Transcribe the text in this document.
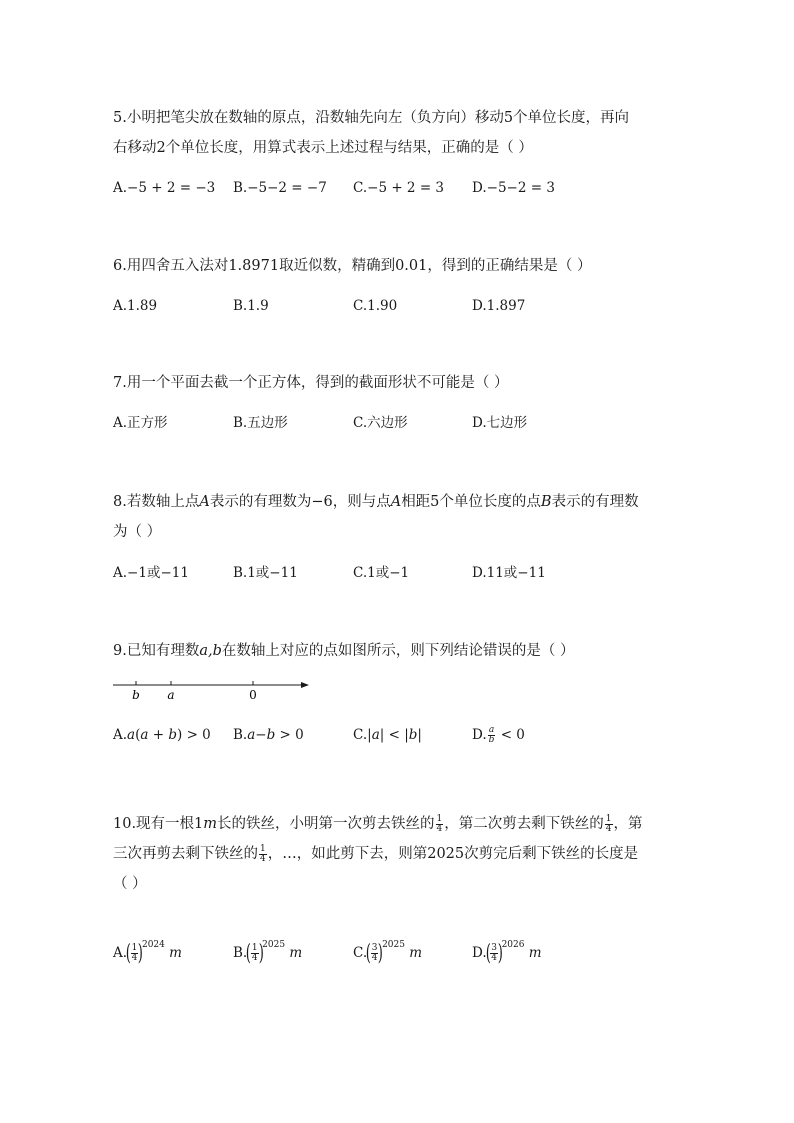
5.小明把笔尖放在数轴的原点，沿数轴先向左（负方向）移动5个单位长度，再向
右移动2个单位长度，用算式表示上述过程与结果，正确的是（ ）
A.−5 + 2 = −3 B.−5−2 = −7 C.−5 + 2 = 3 D.−5−2 = 3
6.用四舍五入法对1.8971取近似数，精确到0.01，得到的正确结果是（ ）
A.1.89	B.1.9	C.1.90	D.1.897
7.用一个平面去截一个正方体，得到的截面形状不可能是（ ）
A.正方形	B.五边形	C.六边形	D.七边形
8.若数轴上点A表示的有理数为−6，则与点A相距5个单位长度的点B表示的有理数
为（ ）
A.−1或−11	B.1或−11	C.1或−1	D.11或−11
9.已知有理数a,b在数轴上对应的点如图所示，则下列结论错误的是（ ）
b a	0
A.a(a + b) > 0 B.a−b > 0	C.|a| < |b|	D. $\frac{a}{b} < 0$
10.现有一根1m长的铁丝，小明第一次剪去铁丝的 $\frac{1}{4}$ ，第二次剪去剩下铁丝的 $\frac{1}{4}$ ，第
三次再剪去剩下铁丝的 $\frac{1}{4}$ ，…，如此剪下去，则第2025次剪完后剩下铁丝的长度是
（ ）
$A.( \frac{1}{4} )^{2024}$ m	$B.( \frac{1}{4} )^{2025}$ m	$C.( \frac{3}{4} )^{2025}$ m	$D.( \frac{3}{4} )^{2026}$ m
